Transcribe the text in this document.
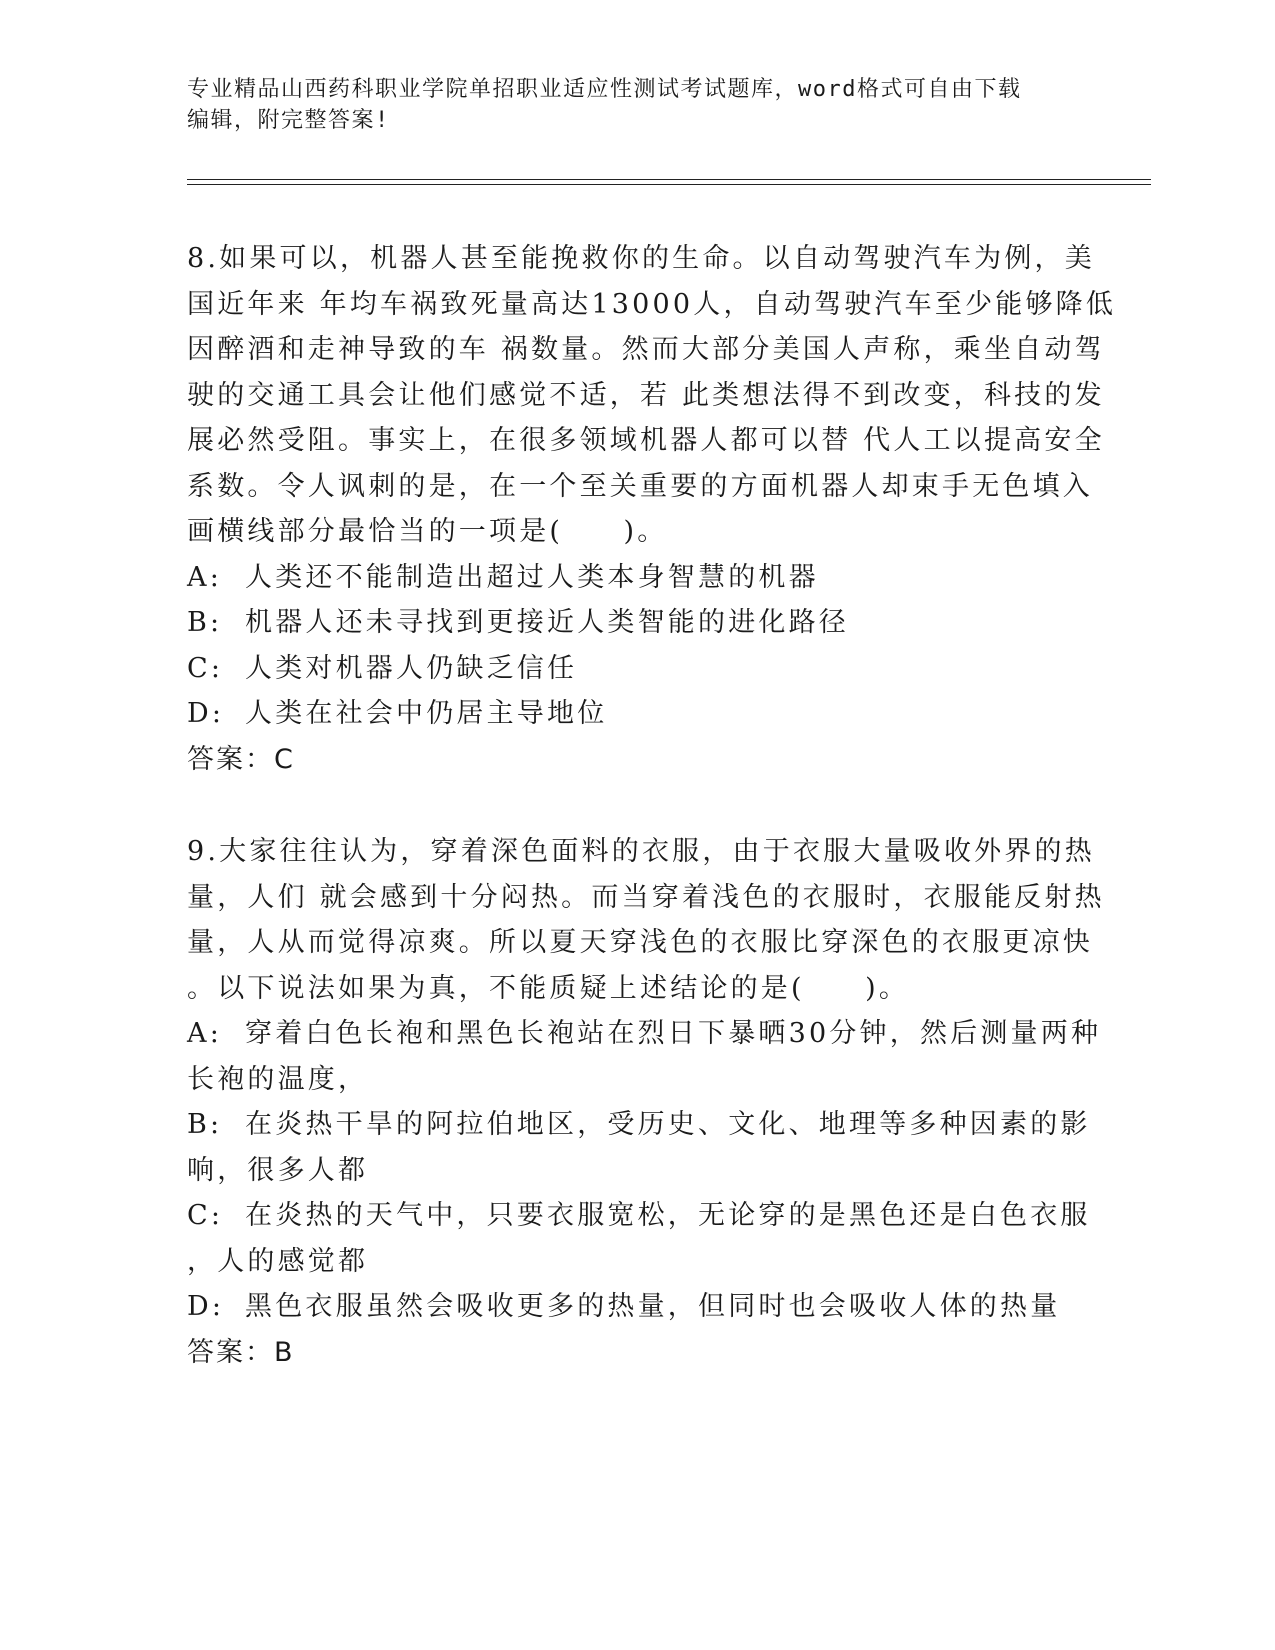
专业精品山西药科职业学院单招职业适应性测试考试题库，word格式可自由下载
编辑，附完整答案!
8.如果可以，机器人甚至能挽救你的生命。以自动驾驶汽车为例，美
国近年来 年均车祸致死量高达13000人，自动驾驶汽车至少能够降低
因醉酒和走神导致的车 祸数量。然而大部分美国人声称，乘坐自动驾
驶的交通工具会让他们感觉不适，若 此类想法得不到改变，科技的发
展必然受阻。事实上，在很多领域机器人都可以替 代人工以提高安全
系数。令人讽刺的是，在一个至关重要的方面机器人却束手无色填入
画横线部分最恰当的一项是(　　)。
A: 人类还不能制造出超过人类本身智慧的机器
B: 机器人还未寻找到更接近人类智能的进化路径
C: 人类对机器人仍缺乏信任
D: 人类在社会中仍居主导地位
答案：C
9.大家往往认为，穿着深色面料的衣服，由于衣服大量吸收外界的热
量，人们 就会感到十分闷热。而当穿着浅色的衣服时，衣服能反射热
量，人从而觉得凉爽。所以夏天穿浅色的衣服比穿深色的衣服更凉快
。以下说法如果为真，不能质疑上述结论的是(　　)。
A: 穿着白色长袍和黑色长袍站在烈日下暴晒30分钟，然后测量两种
长袍的温度，
B: 在炎热干旱的阿拉伯地区，受历史、文化、地理等多种因素的影
响，很多人都
C: 在炎热的天气中，只要衣服宽松，无论穿的是黑色还是白色衣服
，人的感觉都
D: 黑色衣服虽然会吸收更多的热量，但同时也会吸收人体的热量
答案：B
